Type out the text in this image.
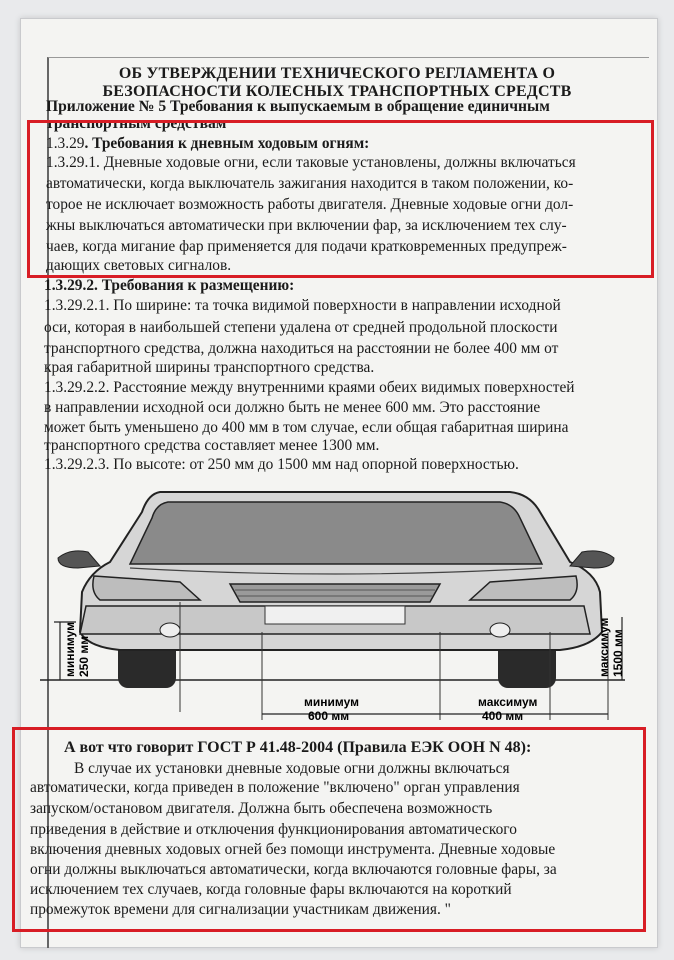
ОБ УТВЕРЖДЕНИИ ТЕХНИЧЕСКОГО РЕГЛАМЕНТА О
БЕЗОПАСНОСТИ КОЛЕСНЫХ ТРАНСПОРТНЫХ СРЕДСТВ
Приложение № 5 Требования к выпускаемым в обращение единичным
транспортным средствам
1.3.29. Требования к дневным ходовым огням:
1.3.29.1. Дневные ходовые огни, если таковые установлены, должны включаться
автоматически, когда выключатель зажигания находится в таком положении, ко-
торое не исключает возможность работы двигателя. Дневные ходовые огни дол-
жны выключаться автоматически при включении фар, за исключением тех слу-
чаев, когда мигание фар применяется для подачи кратковременных предупреж-
дающих световых сигналов.
1.3.29.2. Требования к размещению:
1.3.29.2.1. По ширине: та точка видимой поверхности в направлении исходной
оси, которая в наибольшей степени удалена от средней продольной плоскости
транспортного средства, должна находиться на расстоянии не более 400 мм от
края габаритной ширины транспортного средства.
1.3.29.2.2. Расстояние между внутренними краями обеих видимых поверхностей
в направлении исходной оси должно быть не менее 600 мм. Это расстояние
может быть уменьшено до 400 мм в том случае, если общая габаритная ширина
транспортного средства составляет менее 1300 мм.
1.3.29.2.3. По высоте: от 250 мм до 1500 мм над опорной поверхностью.
минимум 250 мм	максимум 1500 мм
минимум
600 мм
максимум
400 мм
А вот что говорит ГОСТ Р 41.48-2004 (Правила ЕЭК ООН N 48):
В случае их установки дневные ходовые огни должны включаться
автоматически, когда приведен в положение "включено" орган управления
запуском/остановом двигателя. Должна быть обеспечена возможность
приведения в действие и отключения функционирования автоматического
включения дневных ходовых огней без помощи инструмента. Дневные ходовые
огни должны выключаться автоматически, когда включаются головные фары, за
исключением тех случаев, когда головные фары включаются на короткий
промежуток времени для сигнализации участникам движения. "
